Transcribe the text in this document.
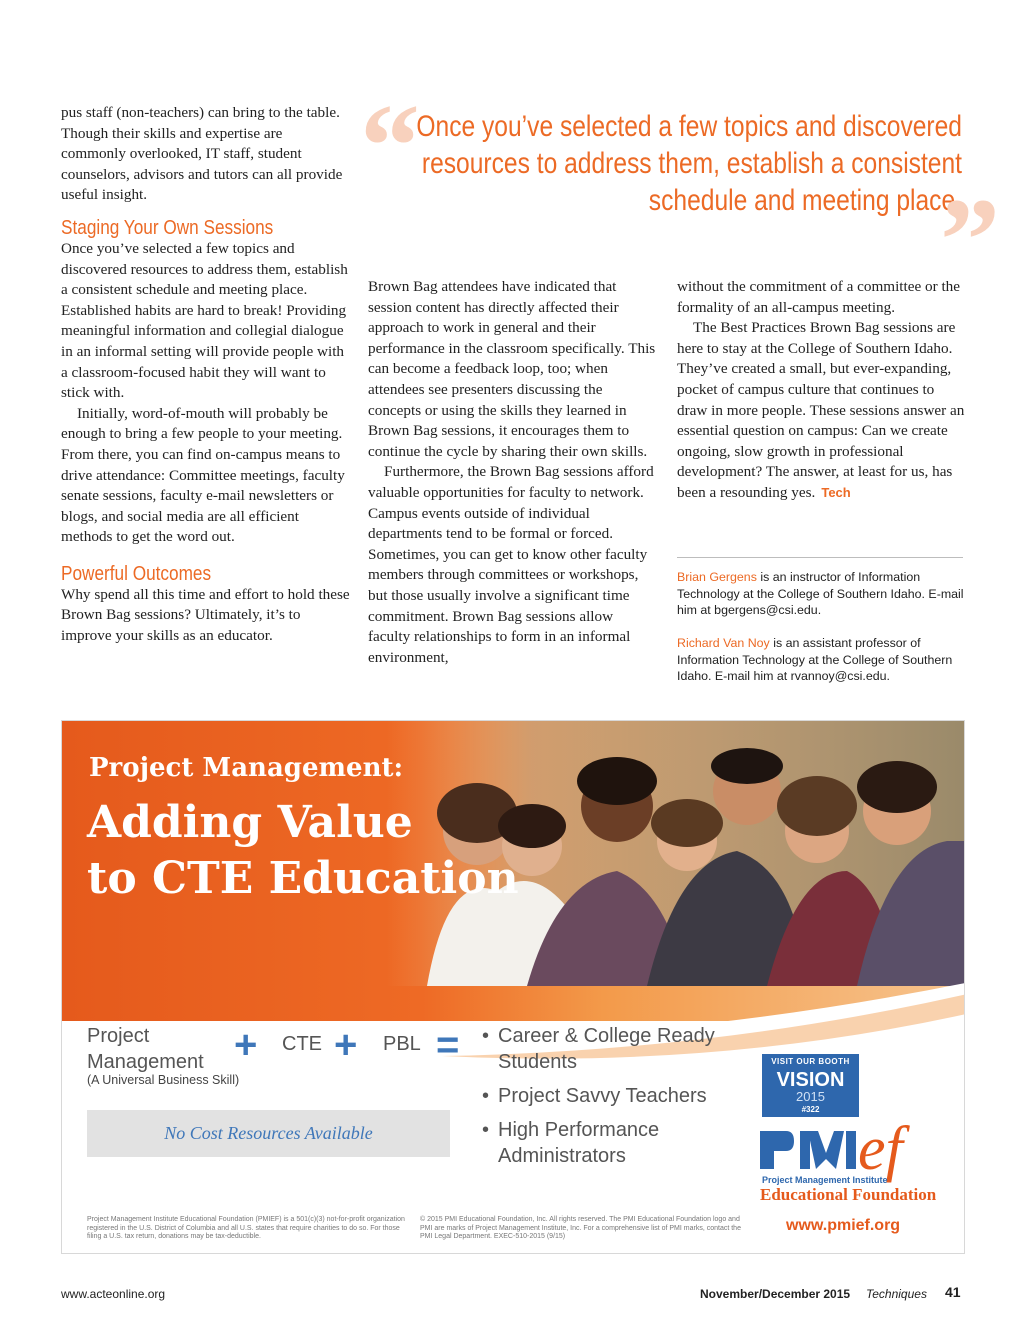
“
Once you’ve selected a few topics and discovered resources to address them, establish a consistent schedule and meeting place.
”

pus staff (non-teachers) can bring to the table. Though their skills and expertise are commonly overlooked, IT staff, student counselors, advisors and tutors can all provide useful insight.

Staging Your Own Sessions

Once you’ve selected a few topics and discovered resources to address them, establish a consistent schedule and meeting place. Established habits are hard to break! Providing meaningful information and collegial dialogue in an informal setting will provide people with a classroom-focused habit they will want to stick with.

Initially, word-of-mouth will probably be enough to bring a few people to your meeting. From there, you can find on-campus means to drive attendance: Committee meetings, faculty senate sessions, faculty e-mail newsletters or blogs, and social media are all efficient methods to get the word out.

Powerful Outcomes

Why spend all this time and effort to hold these Brown Bag sessions? Ultimately, it’s to improve your skills as an educator.

Brown Bag attendees have indicated that session content has directly affected their approach to work in general and their performance in the classroom specifically. This can become a feedback loop, too; when attendees see presenters discussing the concepts or using the skills they learned in Brown Bag sessions, it encourages them to continue the cycle by sharing their own skills.

Furthermore, the Brown Bag sessions afford valuable opportunities for faculty to network. Campus events outside of individual departments tend to be formal or forced. Sometimes, you can get to know other faculty members through committees or workshops, but those usually involve a significant time commitment. Brown Bag sessions allow faculty relationships to form in an informal environment,

without the commitment of a committee or the formality of an all-campus meeting.

The Best Practices Brown Bag sessions are here to stay at the College of Southern Idaho. They’ve created a small, but ever-expanding, pocket of campus culture that continues to draw in more people. These sessions answer an essential question on campus: Can we create ongoing, slow growth in professional development? The answer, at least for us, has been a resounding yes. Tech

Brian Gergens is an instructor of Information Technology at the College of Southern Idaho. E-mail him at bgergens@csi.edu.
Richard Van Noy is an assistant professor of Information Technology at the College of Southern Idaho. E-mail him at rvannoy@csi.edu.
Project Management:
Adding Value
to CTE Education
Project
Management
(A Universal Business Skill)
+ CTE + PBL =
•	Career & College Ready Students
• Project Savvy Teachers
• High Performance Administrators
No Cost Resources Available
VISIT OUR BOOTH
VISION
2015
#322
ef
Project Management Institute
Educational Foundation
www.pmief.org
Project Management Institute Educational Foundation (PMIEF) is a 501(c)(3) not-for-profit organization registered in the U.S. District of Columbia and all U.S. states that require charities to do so. For those filing a U.S. tax return, donations may be tax-deductible.
© 2015 PMI Educational Foundation, Inc. All rights reserved. The PMI Educational Foundation logo and PMI are marks of Project Management Institute, Inc. For a comprehensive list of PMI marks, contact the PMI Legal Department. EXEC-510-2015 (9/15)
www.acteonline.org	November/December 2015 Techniques 41
